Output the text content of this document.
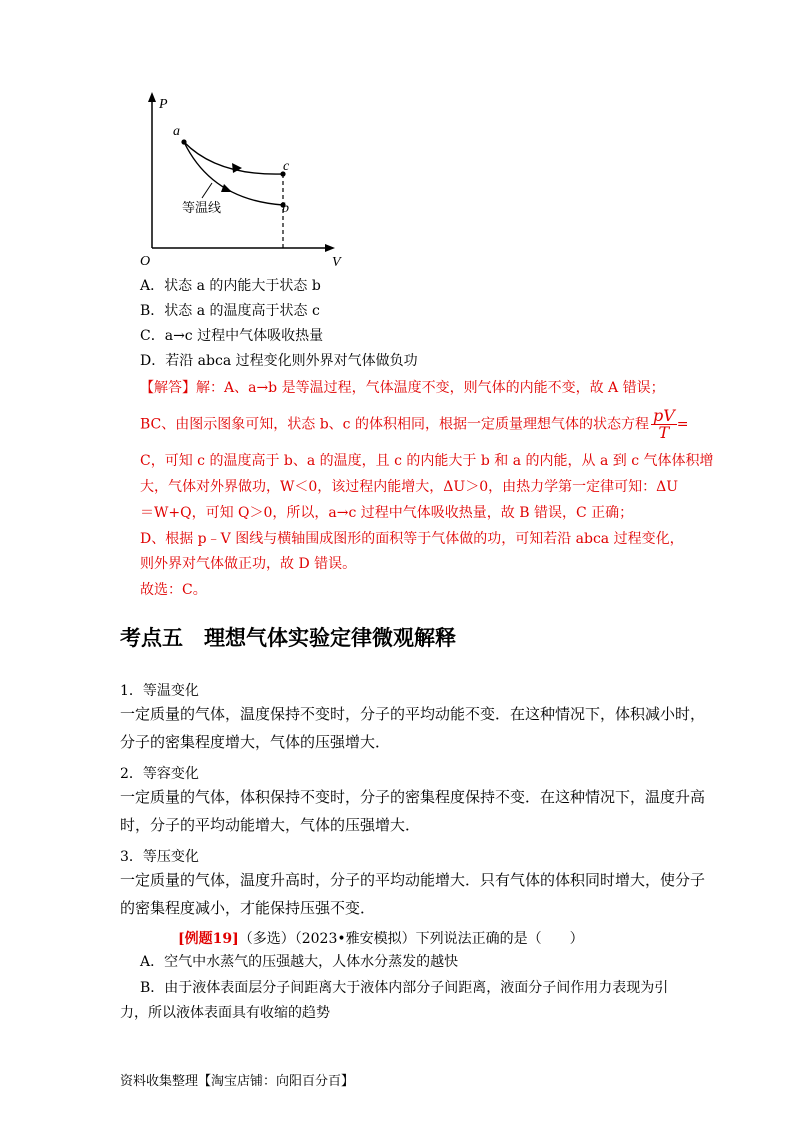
P
V
O
a
c
b
等温线
A．状态 a 的内能大于状态 b
B．状态 a 的温度高于状态 c
C．a→c 过程中气体吸收热量
D．若沿 abca 过程变化则外界对气体做负功
【解答】解：A、a→b 是等温过程，气体温度不变，则气体的内能不变，故 A 错误；
BC、由图示图象可知，状态 b、c 的体积相同，根据一定质量理想气体的状态方程 $\frac{pV}{T}$ =
C，可知 c 的温度高于 b、a 的温度，且 c 的内能大于 b 和 a 的内能，从 a 到 c 气体体积增
大，气体对外界做功，W＜0，该过程内能增大，ΔU＞0，由热力学第一定律可知：ΔU
＝W+Q，可知 Q＞0，所以，a→c 过程中气体吸收热量，故 B 错误，C 正确；
D、根据 p﹣V 图线与横轴围成图形的面积等于气体做的功，可知若沿 abca 过程变化，
则外界对气体做正功，故 D 错误。
故选：C。
考点五　理想气体实验定律微观解释
1．等温变化
一定质量的气体，温度保持不变时，分子的平均动能不变．在这种情况下，体积减小时，
分子的密集程度增大，气体的压强增大．
2．等容变化
一定质量的气体，体积保持不变时，分子的密集程度保持不变．在这种情况下，温度升高
时，分子的平均动能增大，气体的压强增大．
3．等压变化
一定质量的气体，温度升高时，分子的平均动能增大．只有气体的体积同时增大，使分子
的密集程度减小，才能保持压强不变．
[例题19]（多选）（2023•雅安模拟）下列说法正确的是（　　）
A．空气中水蒸气的压强越大，人体水分蒸发的越快
B．由于液体表面层分子间距离大于液体内部分子间距离，液面分子间作用力表现为引
力，所以液体表面具有收缩的趋势
资料收集整理【淘宝店铺：向阳百分百】
